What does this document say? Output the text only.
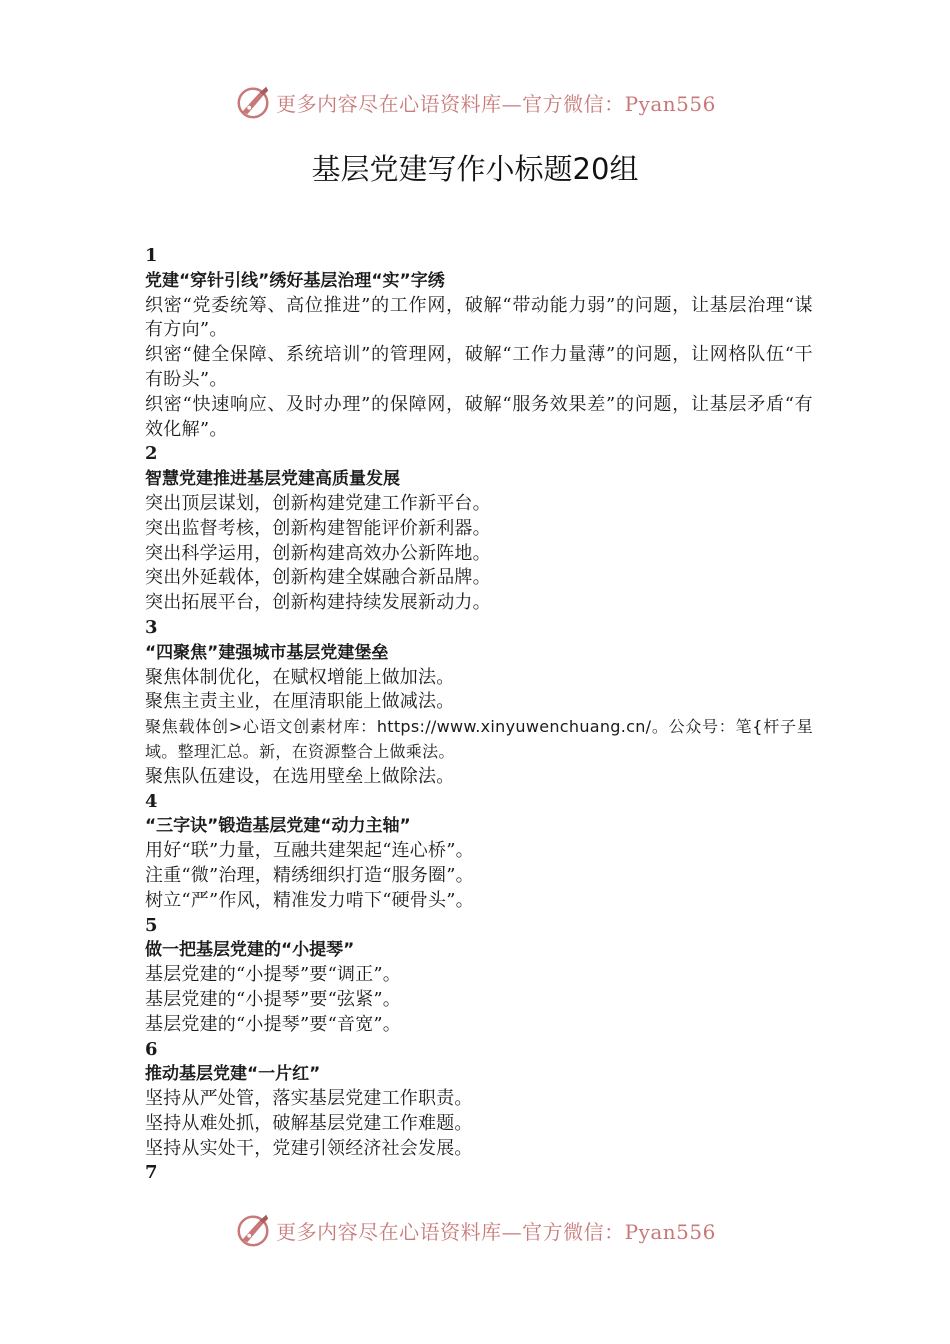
更多内容尽在心语资料库—官方微信：Pyan556
基层党建写作小标题20组
1
党建“穿针引线”绣好基层治理“实”字绣
织密“党委统筹、高位推进”的工作网，破解“带动能力弱”的问题，让基层治理“谋有方向”。
织密“健全保障、系统培训”的管理网，破解“工作力量薄”的问题，让网格队伍“干有盼头”。
织密“快速响应、及时办理”的保障网，破解“服务效果差”的问题，让基层矛盾“有效化解”。
2
智慧党建推进基层党建高质量发展
突出顶层谋划，创新构建党建工作新平台。
突出监督考核，创新构建智能评价新利器。
突出科学运用，创新构建高效办公新阵地。
突出外延载体，创新构建全媒融合新品牌。
突出拓展平台，创新构建持续发展新动力。
3
“四聚焦”建强城市基层党建堡垒
聚焦体制优化，在赋权增能上做加法。
聚焦主责主业，在厘清职能上做减法。
聚焦载体创>心语文创素材库：https://www.xinyuwenchuang.cn/。公众号：笔{杆子星域。整理汇总。新，在资源整合上做乘法。
聚焦队伍建设，在选用壁垒上做除法。
4
“三字诀”锻造基层党建“动力主轴”
用好“联”力量，互融共建架起“连心桥”。
注重“微”治理，精绣细织打造“服务圈”。
树立“严”作风，精准发力啃下“硬骨头”。
5
做一把基层党建的“小提琴”
基层党建的“小提琴”要“调正”。
基层党建的“小提琴”要“弦紧”。
基层党建的“小提琴”要“音宽”。
6
推动基层党建“一片红”
坚持从严处管，落实基层党建工作职责。
坚持从难处抓，破解基层党建工作难题。
坚持从实处干，党建引领经济社会发展。
7
更多内容尽在心语资料库—官方微信：Pyan556
